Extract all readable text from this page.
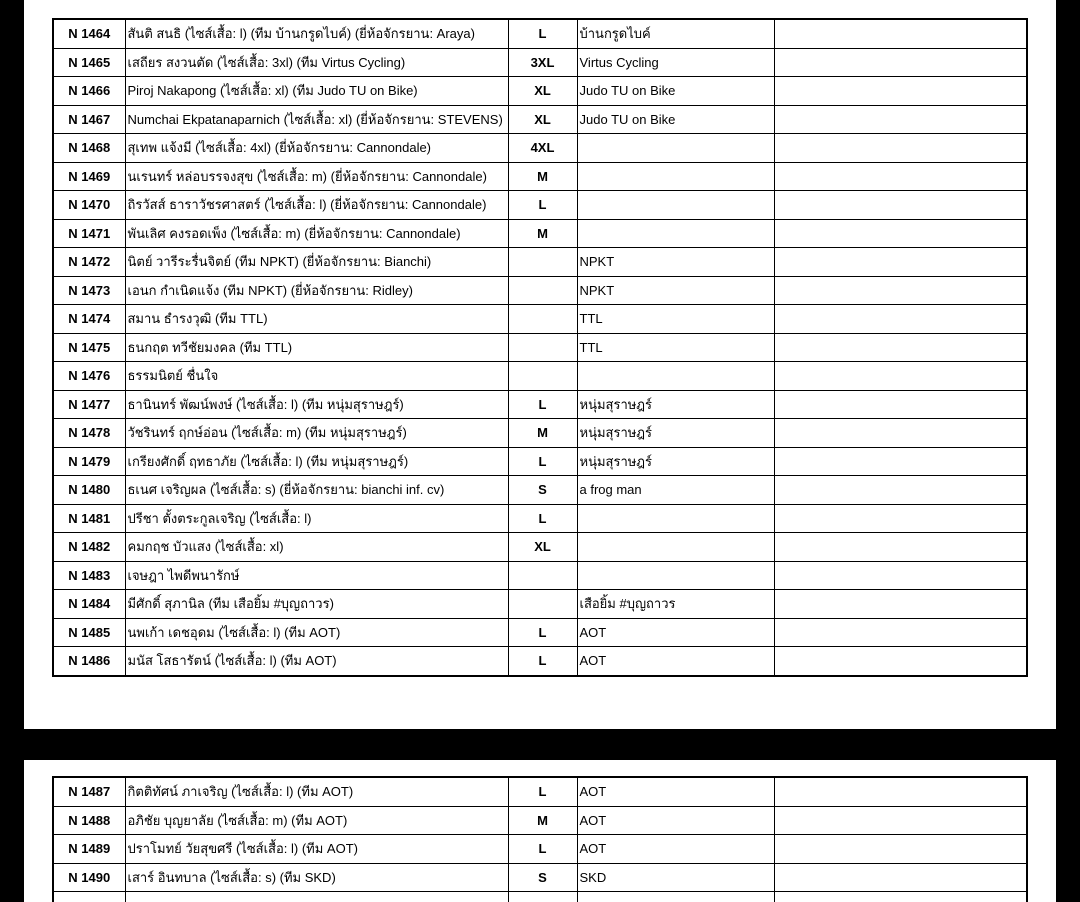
N 1464	สันติ สนธิ (ไซส์เสื้อ: l) (ทีม บ้านกรูดไบค์) (ยี่ห้อจักรยาน: Araya)	L	บ้านกรูดไบค์	
N 1465	เสถียร สงวนตัด (ไซส์เสื้อ: 3xl) (ทีม Virtus Cycling)	3XL	Virtus Cycling	
N 1466	Piroj Nakapong (ไซส์เสื้อ: xl) (ทีม Judo TU on Bike)	XL	Judo TU on Bike	
N 1467	Numchai Ekpatanaparnich (ไซส์เสื้อ: xl) (ยี่ห้อจักรยาน: STEVENS)	XL	Judo TU on Bike	
N 1468	สุเทพ แจ้งมี (ไซส์เสื้อ: 4xl) (ยี่ห้อจักรยาน: Cannondale)	4XL		
N 1469	นเรนทร์ หล่อบรรจงสุข (ไซส์เสื้อ: m) (ยี่ห้อจักรยาน: Cannondale)	M		
N 1470	ถิรวัสส์ ธาราวัชรศาสตร์ (ไซส์เสื้อ: l) (ยี่ห้อจักรยาน: Cannondale)	L		
N 1471	พันเลิศ คงรอดเพ็ง (ไซส์เสื้อ: m) (ยี่ห้อจักรยาน: Cannondale)	M		
N 1472	นิตย์ วารีระรื่นจิตย์ (ทีม NPKT) (ยี่ห้อจักรยาน: Bianchi)		NPKT	
N 1473	เอนก กำเนิดแจ้ง (ทีม NPKT) (ยี่ห้อจักรยาน: Ridley)		NPKT	
N 1474	สมาน ธำรงวุฒิ (ทีม TTL)		TTL	
N 1475	ธนกฤต ทวีชัยมงคล (ทีม TTL)		TTL	
N 1476	ธรรมนิตย์ ชื่นใจ			
N 1477	ธานินทร์ พัฒน์พงษ์ (ไซส์เสื้อ: l) (ทีม หนุ่มสุราษฎร์)	L	หนุ่มสุราษฎร์	
N 1478	วัชรินทร์ ฤกษ์อ่อน (ไซส์เสื้อ: m) (ทีม หนุ่มสุราษฎร์)	M	หนุ่มสุราษฎร์	
N 1479	เกรียงศักดิ์ ฤทธาภัย (ไซส์เสื้อ: l) (ทีม หนุ่มสุราษฎร์)	L	หนุ่มสุราษฎร์	
N 1480	ธเนศ เจริญผล (ไซส์เสื้อ: s) (ยี่ห้อจักรยาน: bianchi inf. cv)	S	a frog man	
N 1481	ปรีชา ตั้งตระกูลเจริญ (ไซส์เสื้อ: l)	L		
N 1482	คมกฤช บัวแสง (ไซส์เสื้อ: xl)	XL		
N 1483	เจษฎา ไพดีพนารักษ์			
N 1484	มีศักดิ์ สุภานิล (ทีม เสือยิ้ม #บุญถาวร)		เสือยิ้ม #บุญถาวร	
N 1485	นพเก้า เดชอุดม (ไซส์เสื้อ: l) (ทีม AOT)	L	AOT	
N 1486	มนัส โสธารัตน์ (ไซส์เสื้อ: l) (ทีม AOT)	L	AOT	
N 1487	กิตติทัศน์ ภาเจริญ (ไซส์เสื้อ: l) (ทีม AOT)	L	AOT	
N 1488	อภิชัย บุญยาลัย (ไซส์เสื้อ: m) (ทีม AOT)	M	AOT	
N 1489	ปราโมทย์ วัยสุขศรี (ไซส์เสื้อ: l) (ทีม AOT)	L	AOT	
N 1490	เสาร์ อินทบาล (ไซส์เสื้อ: s) (ทีม SKD)	S	SKD	
